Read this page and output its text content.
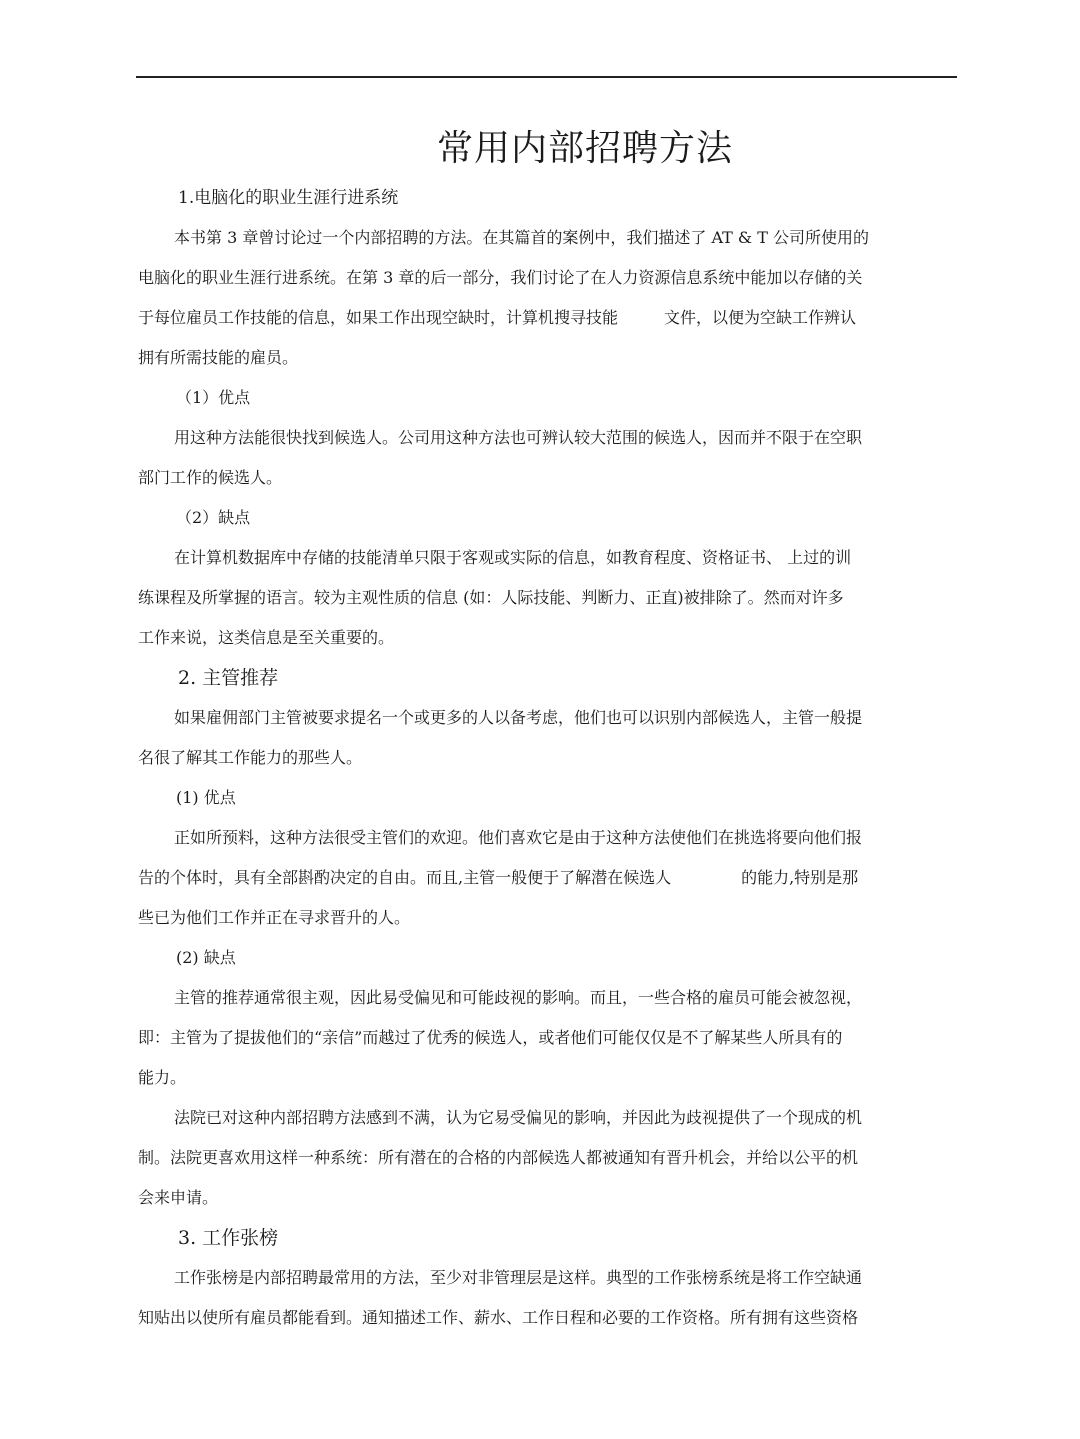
常用内部招聘方法
1.电脑化的职业生涯行进系统
本书第 3 章曾讨论过一个内部招聘的方法。在其篇首的案例中，我们描述了 AT & T 公司所使用的
电脑化的职业生涯行进系统。在第 3 章的后一部分，我们讨论了在人力资源信息系统中能加以存储的关
于每位雇员工作技能的信息，如果工作出现空缺时，计算机搜寻技能	文件，以便为空缺工作辨认
拥有所需技能的雇员。
（1）优点
用这种方法能很快找到候选人。公司用这种方法也可辨认较大范围的候选人，因而并不限于在空职
部门工作的候选人。
（2）缺点
在计算机数据库中存储的技能清单只限于客观或实际的信息，如教育程度、资格证书、 上过的训
练课程及所掌握的语言。较为主观性质的信息 (如：人际技能、判断力、正直)被排除了。然而对许多
工作来说，这类信息是至关重要的。
2. 主管推荐
如果雇佣部门主管被要求提名一个或更多的人以备考虑，他们也可以识别内部候选人，主管一般提
名很了解其工作能力的那些人。
(1) 优点
正如所预料，这种方法很受主管们的欢迎。他们喜欢它是由于这种方法使他们在挑选将要向他们报
告的个体时，具有全部斟酌决定的自由。而且,主管一般便于了解潜在候选人	的能力,特别是那
些已为他们工作并正在寻求晋升的人。
(2) 缺点
主管的推荐通常很主观，因此易受偏见和可能歧视的影响。而且，一些合格的雇员可能会被忽视，
即：主管为了提拔他们的“亲信”而越过了优秀的候选人，或者他们可能仅仅是不了解某些人所具有的
能力。
法院已对这种内部招聘方法感到不满，认为它易受偏见的影响，并因此为歧视提供了一个现成的机
制。法院更喜欢用这样一种系统：所有潜在的合格的内部候选人都被通知有晋升机会，并给以公平的机
会来申请。
3. 工作张榜
工作张榜是内部招聘最常用的方法，至少对非管理层是这样。典型的工作张榜系统是将工作空缺通
知贴出以使所有雇员都能看到。通知描述工作、薪水、工作日程和必要的工作资格。所有拥有这些资格
